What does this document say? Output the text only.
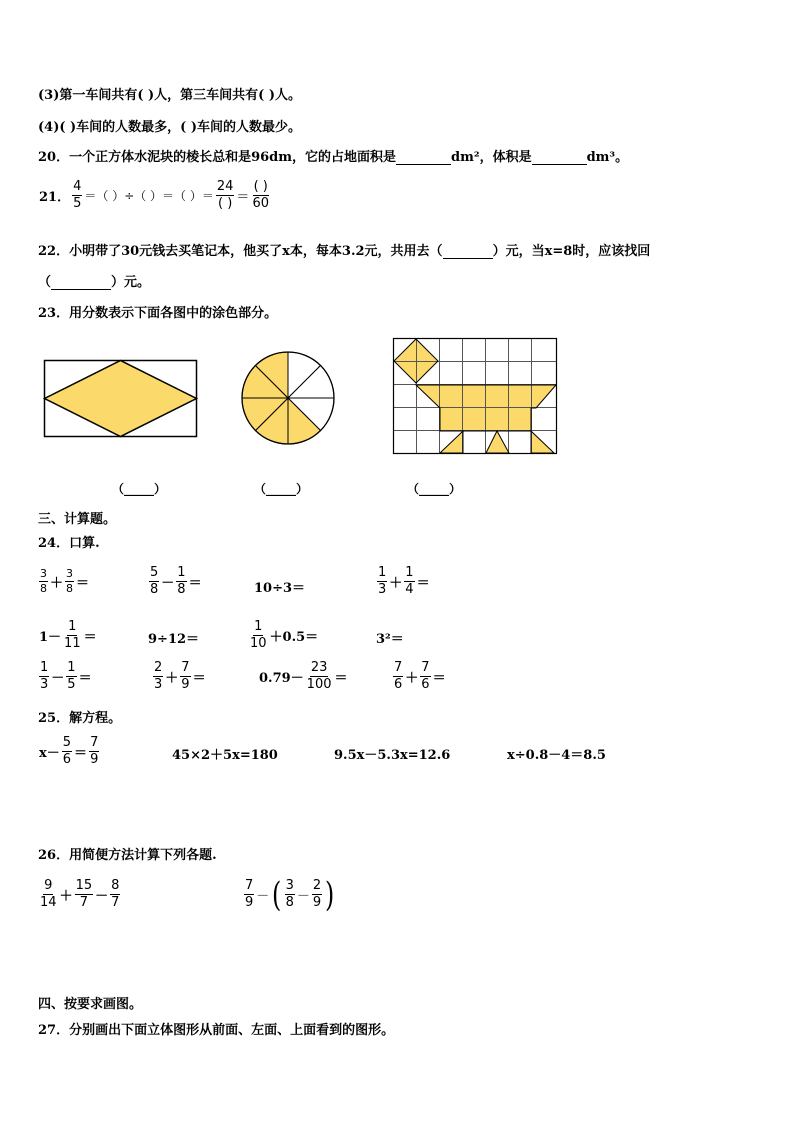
(3)第一车间共有( )人，第三车间共有( )人。
(4)( )车间的人数最多，( )车间的人数最少。
20．一个正方体水泥块的棱长总和是96dm，它的占地面积是	dm²，体积是	dm³。
21． $\frac{4}{5}$ ＝（ ）÷（ ）＝（ ）＝ $\frac{24}{( )} = \frac{( )}{60}$
22．小明带了30元钱去买笔记本，他买了x本，每本3.2元，共用去（	）元，当x=8时，应该找回
（	）元。
23．用分数表示下面各图中的涂色部分。
（_____）	（_____）	（_____）
三、计算题。
24．口算.
$\frac{3}{8} + \frac{3}{8}$ ＝	$\frac{5}{8} - \frac{1}{8}$ ＝	10÷3＝	$\frac{1}{3} + \frac{1}{4}$ ＝
$1- \frac{1}{11}$ ＝	9÷12＝	$\frac{1}{10} +0.5=$	3²＝
$\frac{1}{3} - \frac{1}{5}$ ＝	$\frac{2}{3} + \frac{7}{9}$ ＝	$0.79- \frac{23}{100}$ ＝	$\frac{7}{6} + \frac{7}{6}$ ＝
25．解方程。
$x- \frac{5}{6} = \frac{7}{9}$	45×2＋5x=180	9.5x－5.3x=12.6	x÷0.8－4＝8.5
26．用简便方法计算下列各题.
$\frac{9}{14} + \frac{15}{7} - \frac{8}{7}$	$\frac{7}{9}$ － ( $\frac{3}{8} - \frac{2}{9}$ )
四、按要求画图。
27．分别画出下面立体图形从前面、左面、上面看到的图形。
